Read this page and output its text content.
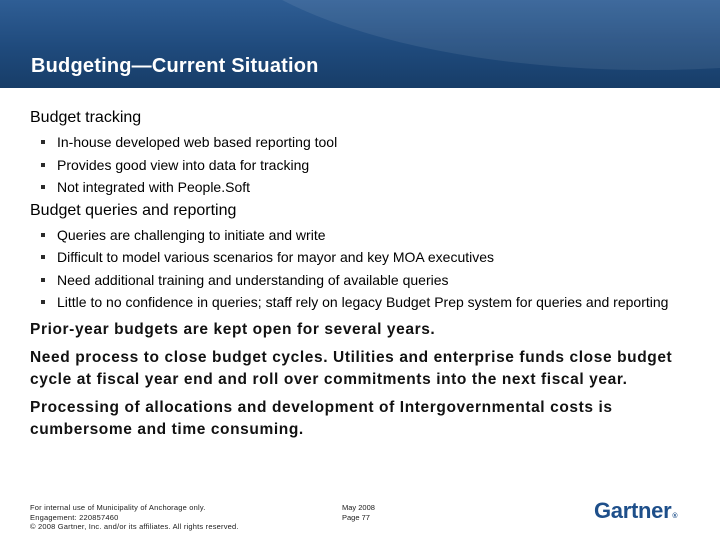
Budgeting—Current Situation
Budget tracking
In-house developed web based reporting tool
Provides good view into data for tracking
Not integrated with People.Soft
Budget queries and reporting
Queries are challenging to initiate and write
Difficult to model various scenarios for mayor and key MOA executives
Need additional training and understanding of available queries
Little to no confidence in queries; staff rely on legacy Budget Prep system for queries and reporting

Prior-year budgets are kept open for several years.

Need process to close budget cycles. Utilities and enterprise funds close budget cycle at fiscal year end and roll over commitments into the next fiscal year.

Processing of allocations and development of Intergovernmental costs is cumbersome and time consuming.

For internal use of Municipality of Anchorage only.
Engagement: 220857460
© 2008 Gartner, Inc. and/or its affiliates. All rights reserved.
May 2008
Page 77	Gartner®
